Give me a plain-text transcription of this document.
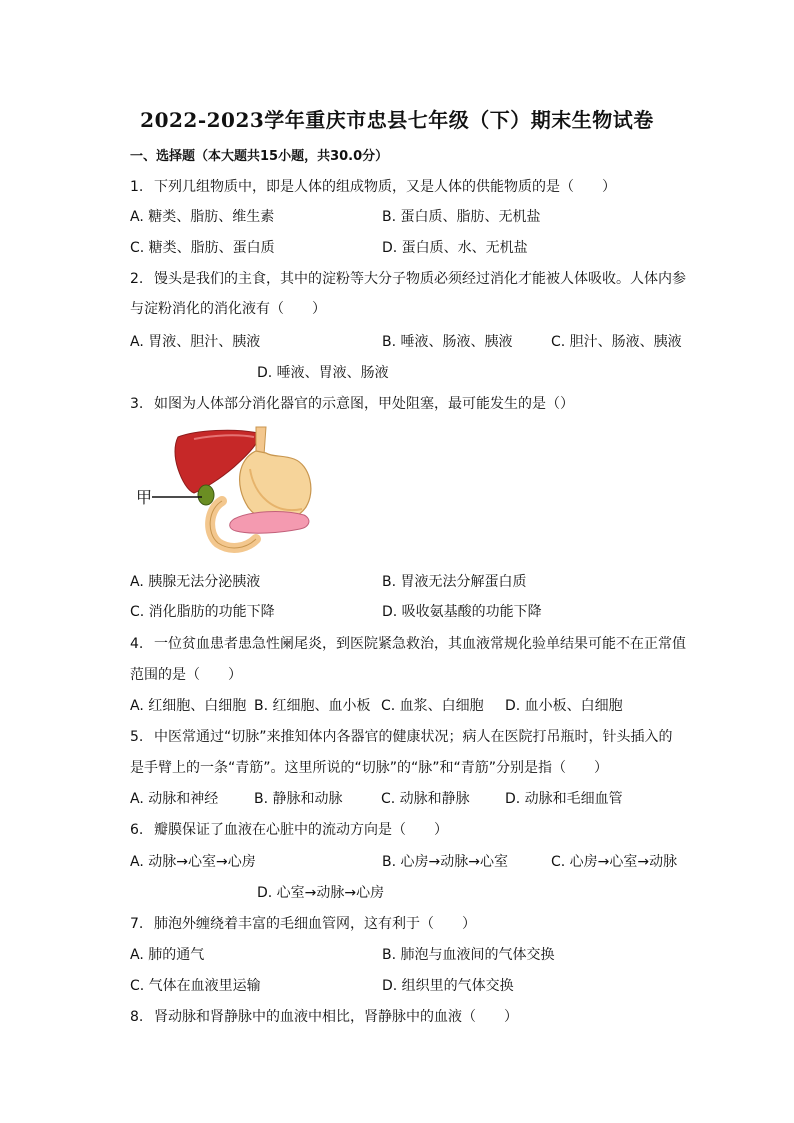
2022-2023学年重庆市忠县七年级（下）期末生物试卷
一、选择题（本大题共15小题，共30.0分）
1. 下列几组物质中，即是人体的组成物质，又是人体的供能物质的是（　　）
A. 糖类、脂肪、维生素	B. 蛋白质、脂肪、无机盐
C. 糖类、脂肪、蛋白质	D. 蛋白质、水、无机盐
2. 馒头是我们的主食，其中的淀粉等大分子物质必须经过消化才能被人体吸收。人体内参
与淀粉消化的消化液有（　　）
A. 胃液、胆汁、胰液	B. 唾液、肠液、胰液	C. 胆汁、肠液、胰液
D. 唾液、胃液、肠液
3. 如图为人体部分消化器官的示意图，甲处阻塞，最可能发生的是（）
甲
A. 胰腺无法分泌胰液	B. 胃液无法分解蛋白质
C. 消化脂肪的功能下降	D. 吸收氨基酸的功能下降
4. 一位贫血患者患急性阑尾炎，到医院紧急救治，其血液常规化验单结果可能不在正常值
范围的是（　　）
A. 红细胞、白细胞 B. 红细胞、血小板 C. 血浆、白细胞 D. 血小板、白细胞
5. 中医常通过“切脉”来推知体内各器官的健康状况；病人在医院打吊瓶时，针头插入的
是手臂上的一条“青筋”。这里所说的“切脉”的“脉”和“青筋”分别是指（　　）
A. 动脉和神经	B. 静脉和动脉	C. 动脉和静脉	D. 动脉和毛细血管
6. 瓣膜保证了血液在心脏中的流动方向是（　　）
A. 动脉→心室→心房	B. 心房→动脉→心室	C. 心房→心室→动脉
D. 心室→动脉→心房
7. 肺泡外缠绕着丰富的毛细血管网，这有利于（　　）
A. 肺的通气	B. 肺泡与血液间的气体交换
C. 气体在血液里运输	D. 组织里的气体交换
8. 肾动脉和肾静脉中的血液中相比，肾静脉中的血液（　　）
